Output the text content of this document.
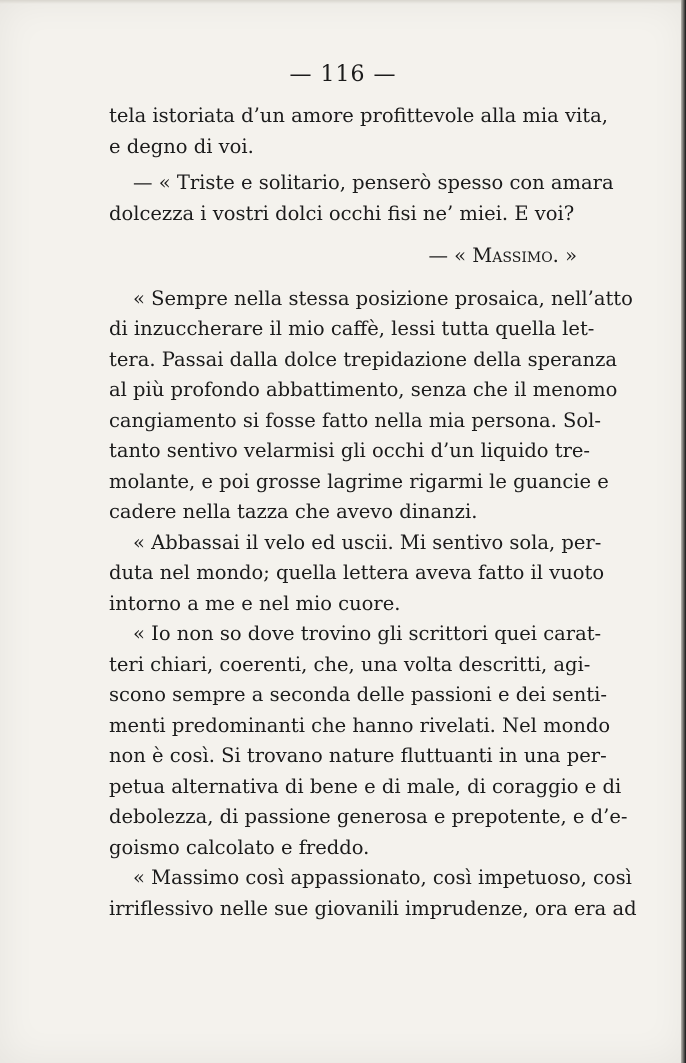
— 116 —
tela istoriata d’un amore profittevole alla mia vita,
e degno di voi.
— « Triste e solitario, penserò spesso con amara
dolcezza i vostri dolci occhi fisi ne’ miei. E voi?
— « Massimo. »
« Sempre nella stessa posizione prosaica, nell’atto
di inzuccherare il mio caffè, lessi tutta quella let-
tera. Passai dalla dolce trepidazione della speranza
al più profondo abbattimento, senza che il menomo
cangiamento si fosse fatto nella mia persona. Sol-
tanto sentivo velarmisi gli occhi d’un liquido tre-
molante, e poi grosse lagrime rigarmi le guancie e
cadere nella tazza che avevo dinanzi.
« Abbassai il velo ed uscii. Mi sentivo sola, per-
duta nel mondo; quella lettera aveva fatto il vuoto
intorno a me e nel mio cuore.
« Io non so dove trovino gli scrittori quei carat-
teri chiari, coerenti, che, una volta descritti, agi-
scono sempre a seconda delle passioni e dei senti-
menti predominanti che hanno rivelati. Nel mondo
non è così. Si trovano nature fluttuanti in una per-
petua alternativa di bene e di male, di coraggio e di
debolezza, di passione generosa e prepotente, e d’e-
goismo calcolato e freddo.
« Massimo così appassionato, così impetuoso, così
irriflessivo nelle sue giovanili imprudenze, ora era ad
